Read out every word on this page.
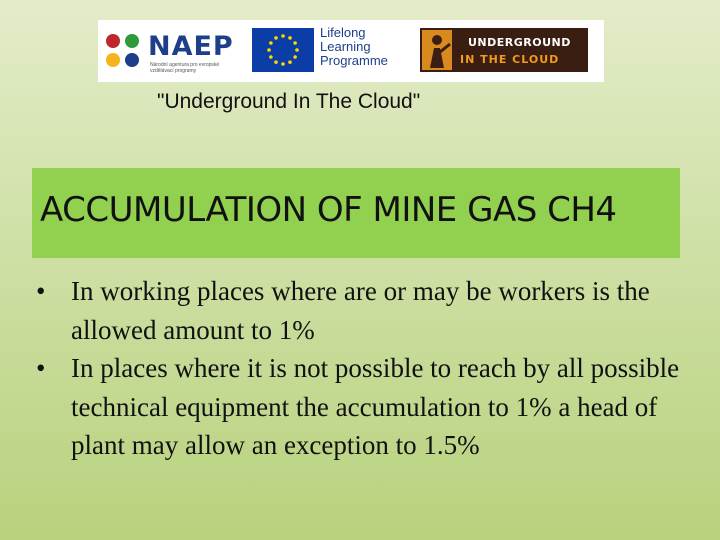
NAEP
Národní agentura pro evropské vzdělávací programy
Lifelong
Learning
Programme
UNDERGROUND
IN THE CLOUD
"Underground In The Cloud"
ACCUMULATION OF MINE GAS CH4
• In working places where are or may be workers is the allowed amount to 1%
• In places where it is not possible to reach by all possible technical equipment the accumulation to 1% a head of plant may allow an exception to 1.5%
